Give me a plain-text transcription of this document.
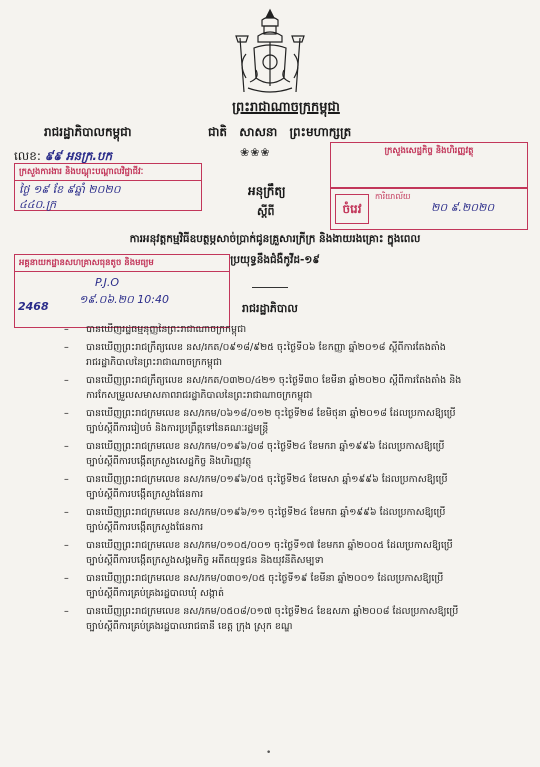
ព្រះរាជាណាចក្រកម្ពុជា
រាជរដ្ឋាភិបាលកម្ពុជា	ជាតិ សាសនា ព្រះមហាក្សត្រ
❀❀❀
លេខ: ៩៩ អនក្រ.បក
ក្រសួងការងារ និងបណ្តុះបណ្តាលវិជ្ជាជីវៈ
ថ្ងៃ ១៩ ខែ ៩ឆ្នាំ ២០២០
៤៤០.ក្រ
អគ្គនាយកដ្ឋានសហគ្រាសធុនតូច និងមធ្យម
P.J.O
១៩.០៦.២០ 10:40
2468
ក្រសួងសេដ្ឋកិច្ច និងហិរញ្ញវត្ថុ
ចំរេវ
ការិយាល័យ
២០ ៩.២០២០
អនុក្រឹត្យ
ស្តីពី
ការអនុវត្តកម្មវិធីឧបត្ថម្ភសាច់ប្រាក់ជូនគ្រួសារក្រីក្រ និងងាយរងគ្រោះ ក្នុងពេលប្រយុទ្ធនឹងជំងឺកូវីដ-១៩
រាជរដ្ឋាភិបាល
– បានឃើញរដ្ឋធម្មនុញ្ញនៃព្រះរាជាណាចក្រកម្ពុជា
– បានឃើញព្រះរាជក្រឹត្យលេខ នស/រកត/០៩១៨/៩២៥ ចុះថ្ងៃទី០៦ ខែកញ្ញា ឆ្នាំ២០១៨ ស្តីពីការតែងតាំង
រាជរដ្ឋាភិបាលនៃព្រះរាជាណាចក្រកម្ពុជា
– បានឃើញព្រះរាជក្រឹត្យលេខ នស/រកត/០៣២០/៤២១ ចុះថ្ងៃទី៣០ ខែមីនា ឆ្នាំ២០២០ ស្តីពីការតែងតាំង និង
ការកែសម្រួលសមាសភាពរាជរដ្ឋាភិបាលនៃព្រះរាជាណាចក្រកម្ពុជា
– បានឃើញព្រះរាជក្រមលេខ នស/រកម/០៦១៨/០១២ ចុះថ្ងៃទី២៨ ខែមិថុនា ឆ្នាំ២០១៨ ដែលប្រកាសឱ្យប្រើ
ច្បាប់ស្តីពីការរៀបចំ និងការប្រព្រឹត្តទៅនៃគណៈរដ្ឋមន្ត្រី
– បានឃើញព្រះរាជក្រមលេខ នស/រកម/០១៩៦/០៨ ចុះថ្ងៃទី២៤ ខែមករា ឆ្នាំ១៩៩៦ ដែលប្រកាសឱ្យប្រើ
ច្បាប់ស្តីពីការបង្កើតក្រសួងសេដ្ឋកិច្ច និងហិរញ្ញវត្ថុ
– បានឃើញព្រះរាជក្រមលេខ នស/រកម/០១៩៦/០៥ ចុះថ្ងៃទី២៤ ខែមេសា ឆ្នាំ១៩៩៦ ដែលប្រកាសឱ្យប្រើ
ច្បាប់ស្តីពីការបង្កើតក្រសួងផែនការ
– បានឃើញព្រះរាជក្រមលេខ នស/រកម/០១៩៦/១១ ចុះថ្ងៃទី២៤ ខែមករា ឆ្នាំ១៩៩៦ ដែលប្រកាសឱ្យប្រើ
ច្បាប់ស្តីពីការបង្កើតក្រសួងផែនការ
– បានឃើញព្រះរាជក្រមលេខ នស/រកម/០១០៥/០០១ ចុះថ្ងៃទី១៧ ខែមករា ឆ្នាំ២០០៥ ដែលប្រកាសឱ្យប្រើ
ច្បាប់ស្តីពីការបង្កើតក្រសួងសង្គមកិច្ច អតីតយុទ្ធជន និងយុវនីតិសម្បទា
– បានឃើញព្រះរាជក្រមលេខ នស/រកម/០៣០១/០៥ ចុះថ្ងៃទី១៩ ខែមីនា ឆ្នាំ២០០១ ដែលប្រកាសឱ្យប្រើ
ច្បាប់ស្តីពីការគ្រប់គ្រងរដ្ឋបាលឃុំ សង្កាត់
– បានឃើញព្រះរាជក្រមលេខ នស/រកម/០៥០៨/០១៧ ចុះថ្ងៃទី២៤ ខែឧសភា ឆ្នាំ២០០៨ ដែលប្រកាសឱ្យប្រើ
ច្បាប់ស្តីពីការគ្រប់គ្រងរដ្ឋបាលរាជធានី ខេត្ត ក្រុង ស្រុក ខណ្ឌ
•
